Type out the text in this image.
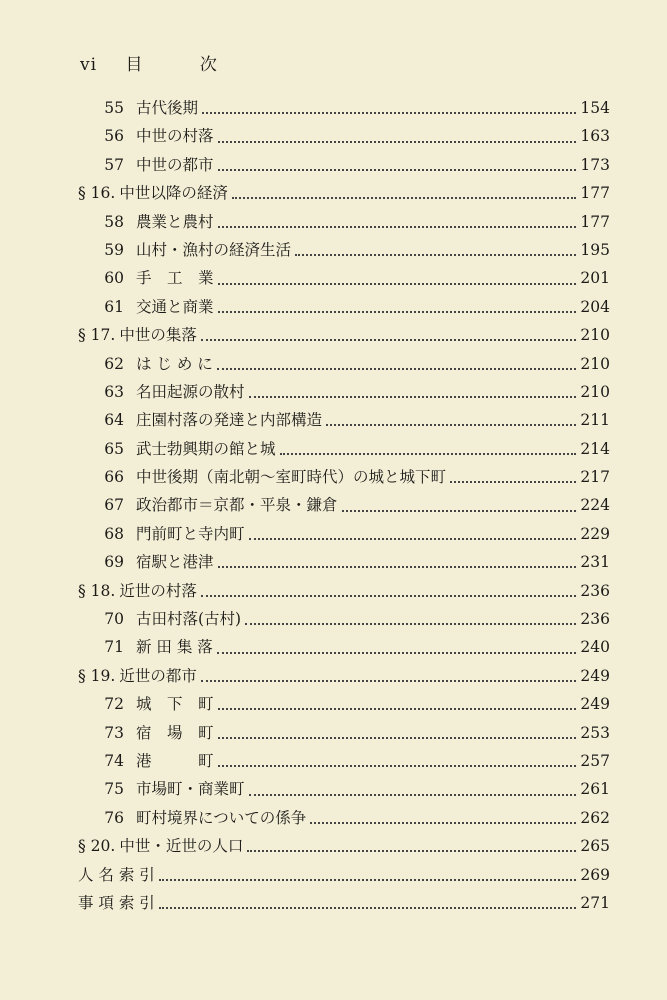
vi 目 次
55 古代後期	154
56 中世の村落	163
57 中世の都市	173
§ 16. 中世以降の経済	177
58 農業と農村	177
59 山村・漁村の経済生活	195
60 手　工　業	201
61 交通と商業	204
§ 17. 中世の集落	210
62 は じ め に	210
63 名田起源の散村	210
64 庄園村落の発達と内部構造	211
65 武士勃興期の館と城	214
66 中世後期（南北朝〜室町時代）の城と城下町	217
67 政治都市＝京都・平泉・鎌倉	224
68 門前町と寺内町	229
69 宿駅と港津	231
§ 18. 近世の村落	236
70 古田村落(古村)	236
71 新 田 集 落	240
§ 19. 近世の都市	249
72 城　下　町	249
73 宿　場　町	253
74 港　　　町	257
75 市場町・商業町	261
76 町村境界についての係争	262
§ 20. 中世・近世の人口	265
人 名 索 引	269
事 項 索 引	271
